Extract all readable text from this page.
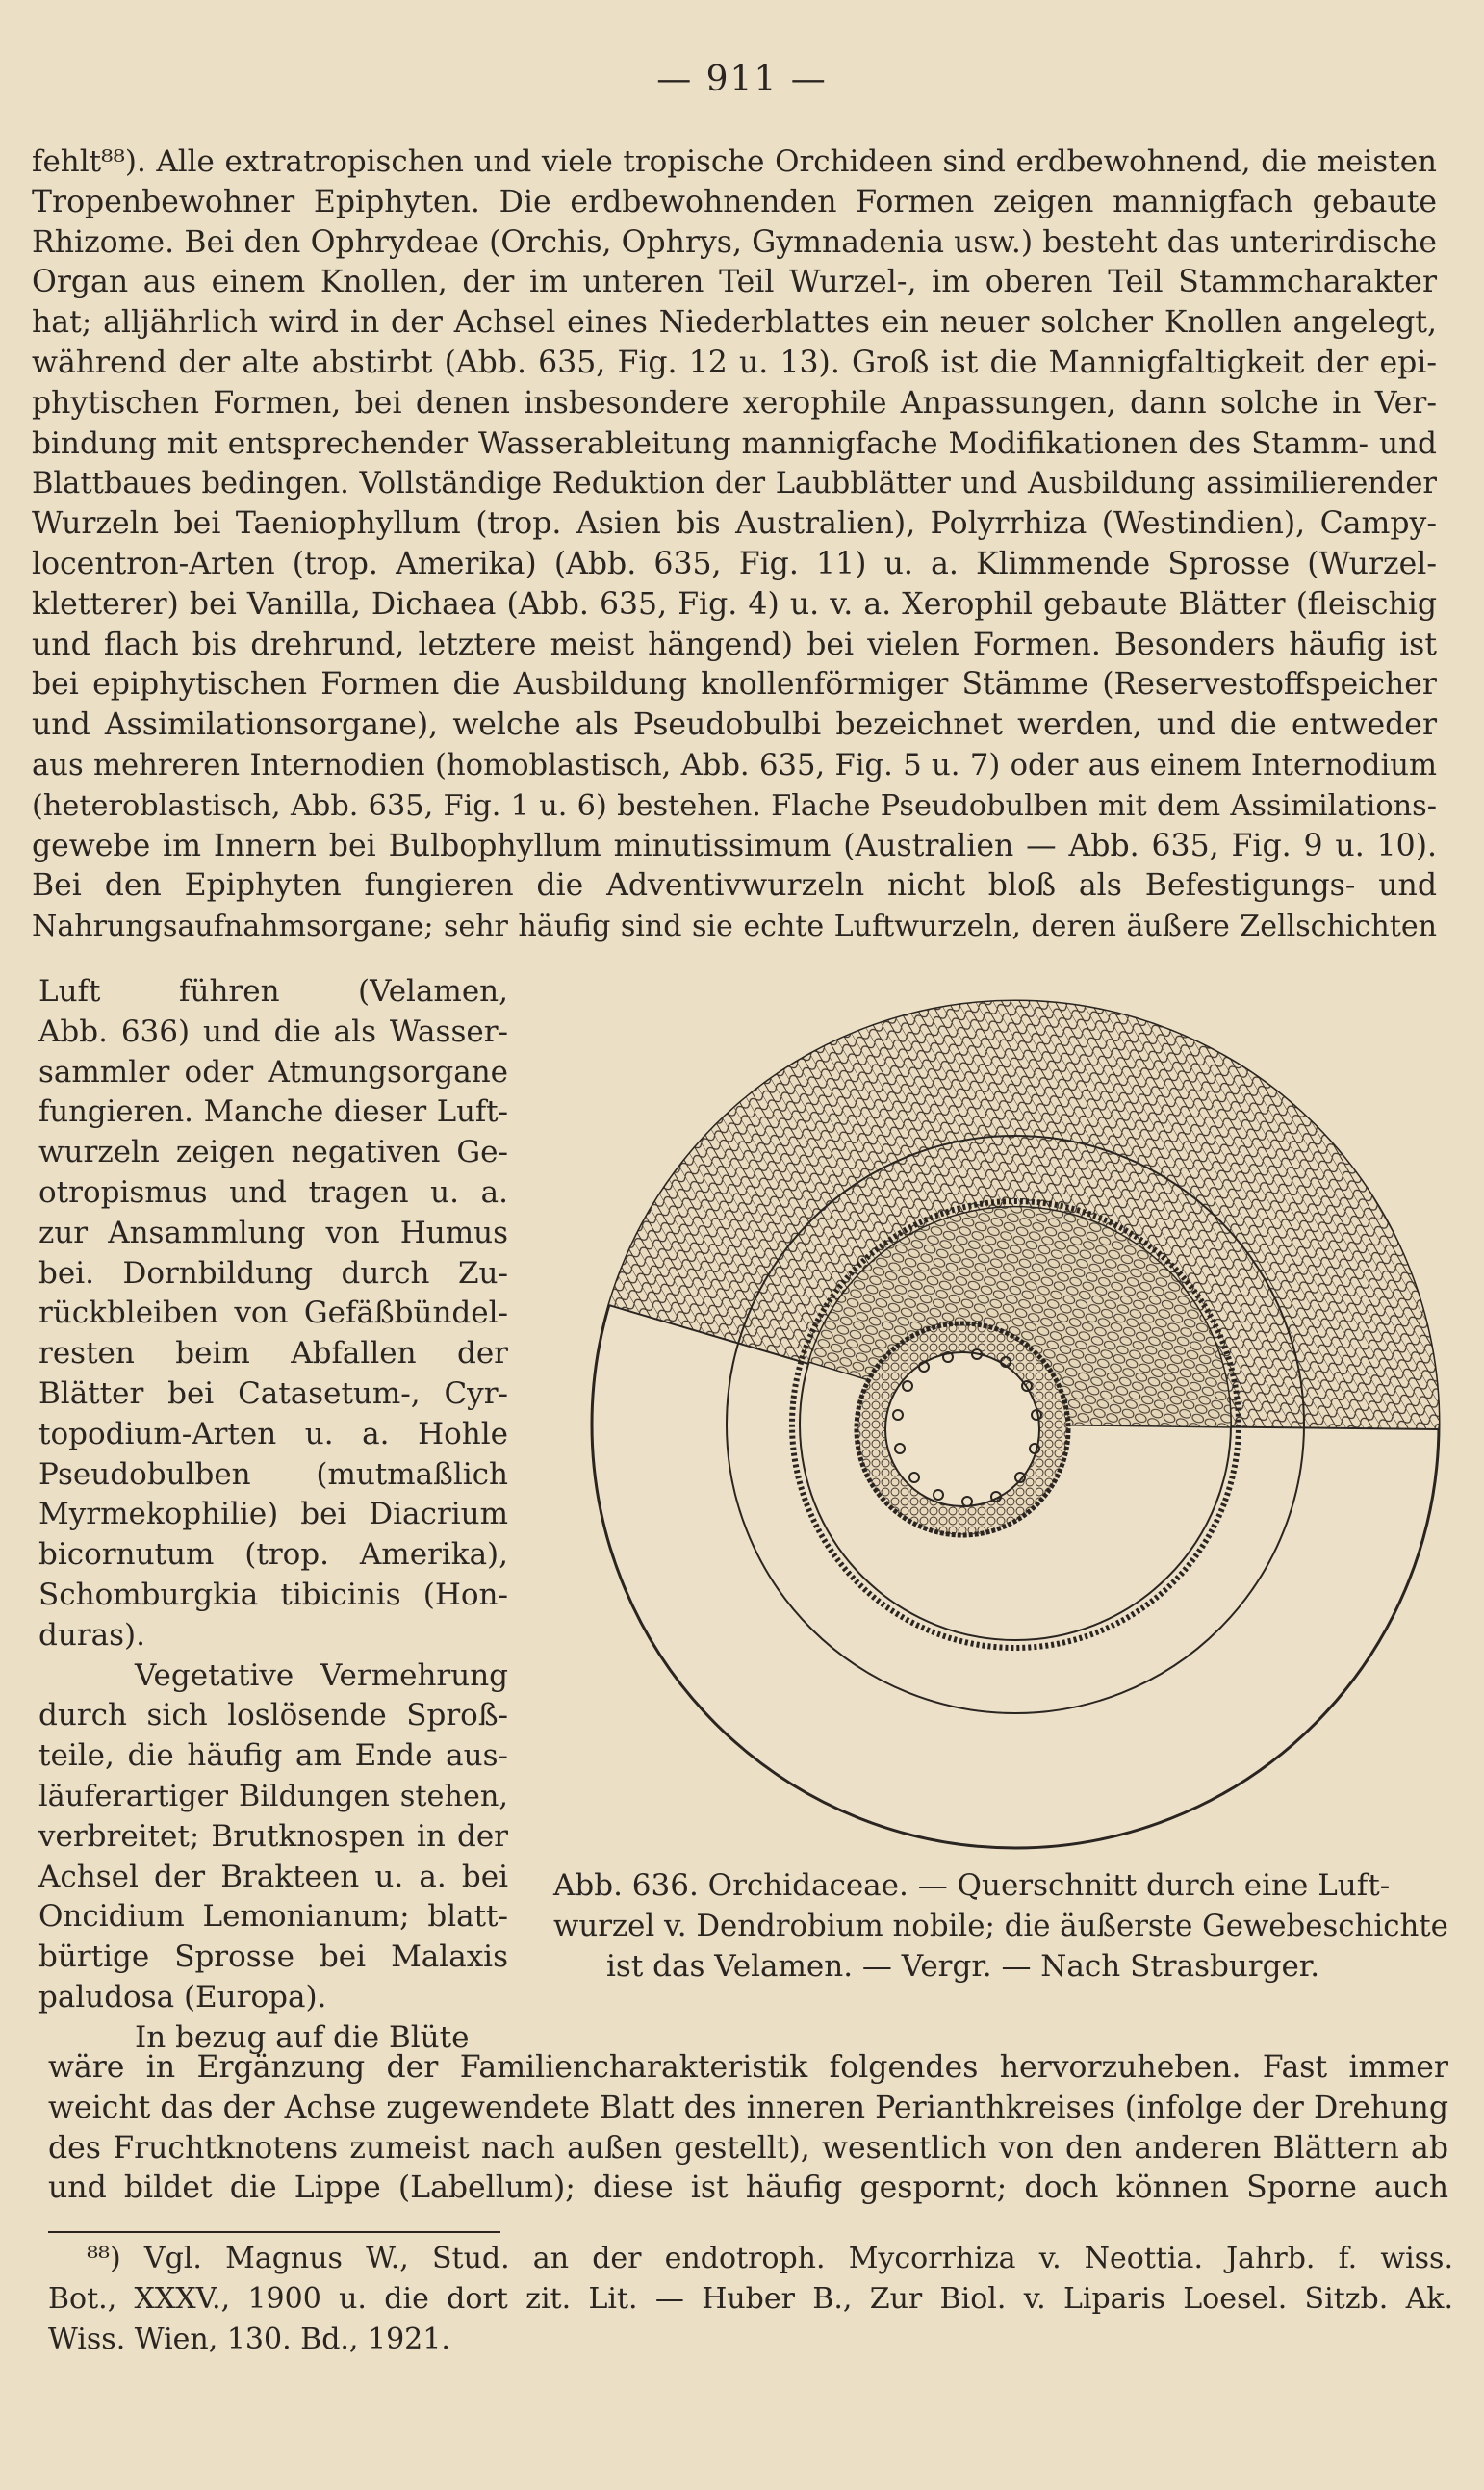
— 911 —
fehlt⁸⁸). Alle extratropischen und viele tropische Orchideen sind erdbewohnend, die meisten
Tropenbewohner Epiphyten. Die erdbewohnenden Formen zeigen mannigfach gebaute
Rhizome. Bei den Ophrydeae (Orchis, Ophrys, Gymnadenia usw.) besteht das unterirdische
Organ aus einem Knollen, der im unteren Teil Wurzel-, im oberen Teil Stammcharakter
hat; alljährlich wird in der Achsel eines Niederblattes ein neuer solcher Knollen angelegt,
während der alte abstirbt (Abb. 635, Fig. 12 u. 13). Groß ist die Mannigfaltigkeit der epi-
phytischen Formen, bei denen insbesondere xerophile Anpassungen, dann solche in Ver-
bindung mit entsprechender Wasserableitung mannigfache Modifikationen des Stamm- und
Blattbaues bedingen. Vollständige Reduktion der Laubblätter und Ausbildung assimilierender
Wurzeln bei Taeniophyllum (trop. Asien bis Australien), Polyrrhiza (Westindien), Campy-
locentron-Arten (trop. Amerika) (Abb. 635, Fig. 11) u. a. Klimmende Sprosse (Wurzel-
kletterer) bei Vanilla, Dichaea (Abb. 635, Fig. 4) u. v. a. Xerophil gebaute Blätter (fleischig
und flach bis drehrund, letztere meist hängend) bei vielen Formen. Besonders häufig ist
bei epiphytischen Formen die Ausbildung knollenförmiger Stämme (Reservestoffspeicher
und Assimilationsorgane), welche als Pseudobulbi bezeichnet werden, und die entweder
aus mehreren Internodien (homoblastisch, Abb. 635, Fig. 5 u. 7) oder aus einem Internodium
(heteroblastisch, Abb. 635, Fig. 1 u. 6) bestehen. Flache Pseudobulben mit dem Assimilations-
gewebe im Innern bei Bulbophyllum minutissimum (Australien — Abb. 635, Fig. 9 u. 10).
Bei den Epiphyten fungieren die Adventivwurzeln nicht bloß als Befestigungs- und
Nahrungsaufnahmsorgane; sehr häufig sind sie echte Luftwurzeln, deren äußere Zellschichten
Luft führen (Velamen,
Abb. 636) und die als Wasser-
sammler oder Atmungsorgane
fungieren. Manche dieser Luft-
wurzeln zeigen negativen Ge-
otropismus und tragen u. a.
zur Ansammlung von Humus
bei. Dornbildung durch Zu-
rückbleiben von Gefäßbündel-
resten beim Abfallen der
Blätter bei Catasetum-, Cyr-
topodium-Arten u. a. Hohle
Pseudobulben (mutmaßlich
Myrmekophilie) bei Diacrium
bicornutum (trop. Amerika),
Schomburgkia tibicinis (Hon-
duras).
Vegetative Vermehrung
durch sich loslösende Sproß-
teile, die häufig am Ende aus-
läuferartiger Bildungen stehen,
verbreitet; Brutknospen in der
Achsel der Brakteen u. a. bei
Oncidium Lemonianum; blatt-
bürtige Sprosse bei Malaxis
paludosa (Europa).
In bezug auf die Blüte
Abb. 636. Orchidaceae. — Querschnitt durch eine Luft-
wurzel v. Dendrobium nobile; die äußerste Gewebeschichte
ist das Velamen. — Vergr. — Nach Strasburger.
wäre in Ergänzung der Familiencharakteristik folgendes hervorzuheben. Fast immer
weicht das der Achse zugewendete Blatt des inneren Perianthkreises (infolge der Drehung
des Fruchtknotens zumeist nach außen gestellt), wesentlich von den anderen Blättern ab
und bildet die Lippe (Labellum); diese ist häufig gespornt; doch können Sporne auch
⁸⁸) Vgl. Magnus W., Stud. an der endotroph. Mycorrhiza v. Neottia. Jahrb. f. wiss.
Bot., XXXV., 1900 u. die dort zit. Lit. — Huber B., Zur Biol. v. Liparis Loesel. Sitzb. Ak.
Wiss. Wien, 130. Bd., 1921.
